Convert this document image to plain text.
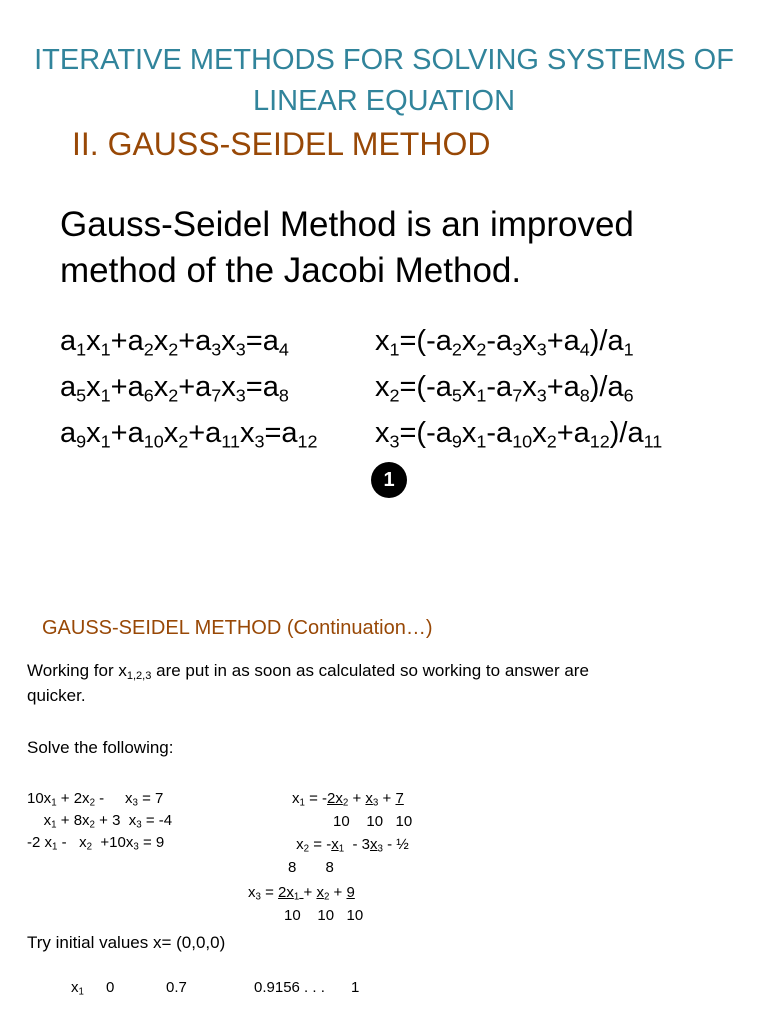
ITERATIVE METHODS FOR SOLVING SYSTEMS OF LINEAR EQUATION
II. GAUSS-SEIDEL METHOD
Gauss-Seidel Method is an improved
method of the Jacobi Method.
$a_1x_1+a_2x_2+a_3x_3=a_4$
$a_5x_1+a_6x_2+a_7x_3=a_8$
$a_9x_1+a_{10}x_2+a_{11}x_3=a_{12}$
$x_1=(-a_2x_2-a_3x_3+a_4)/a_1$
$x_2=(-a_5x_1-a_7x_3+a_8)/a_6$
$x_3=(-a_9x_1-a_{10}x_2+a_{12})/a_{11}$
1
GAUSS-SEIDEL METHOD (Continuation…)
Working for $x_{1,2,3}$ are put in as soon as calculated so working to answer are
quicker.
Solve the following:
$10x_1 + 2x_2$ -     $x_3 = 7$
$x_1 + 8x_2 + 3$  $x_3 = -4$
-2 $x_1 - x_2 +10x_3 = 9$
$x_1 = -2x_2 + x_3 + 7$
10    10   10
$x_2 = -x_1 - 3x_3$ - ½
8       8
$x_3 = 2x_1 + x_2 + 9$
10    10   10
Try initial values x= (0,0,0)
$x_1$ 0	0.7	0.9156 . . . 1
